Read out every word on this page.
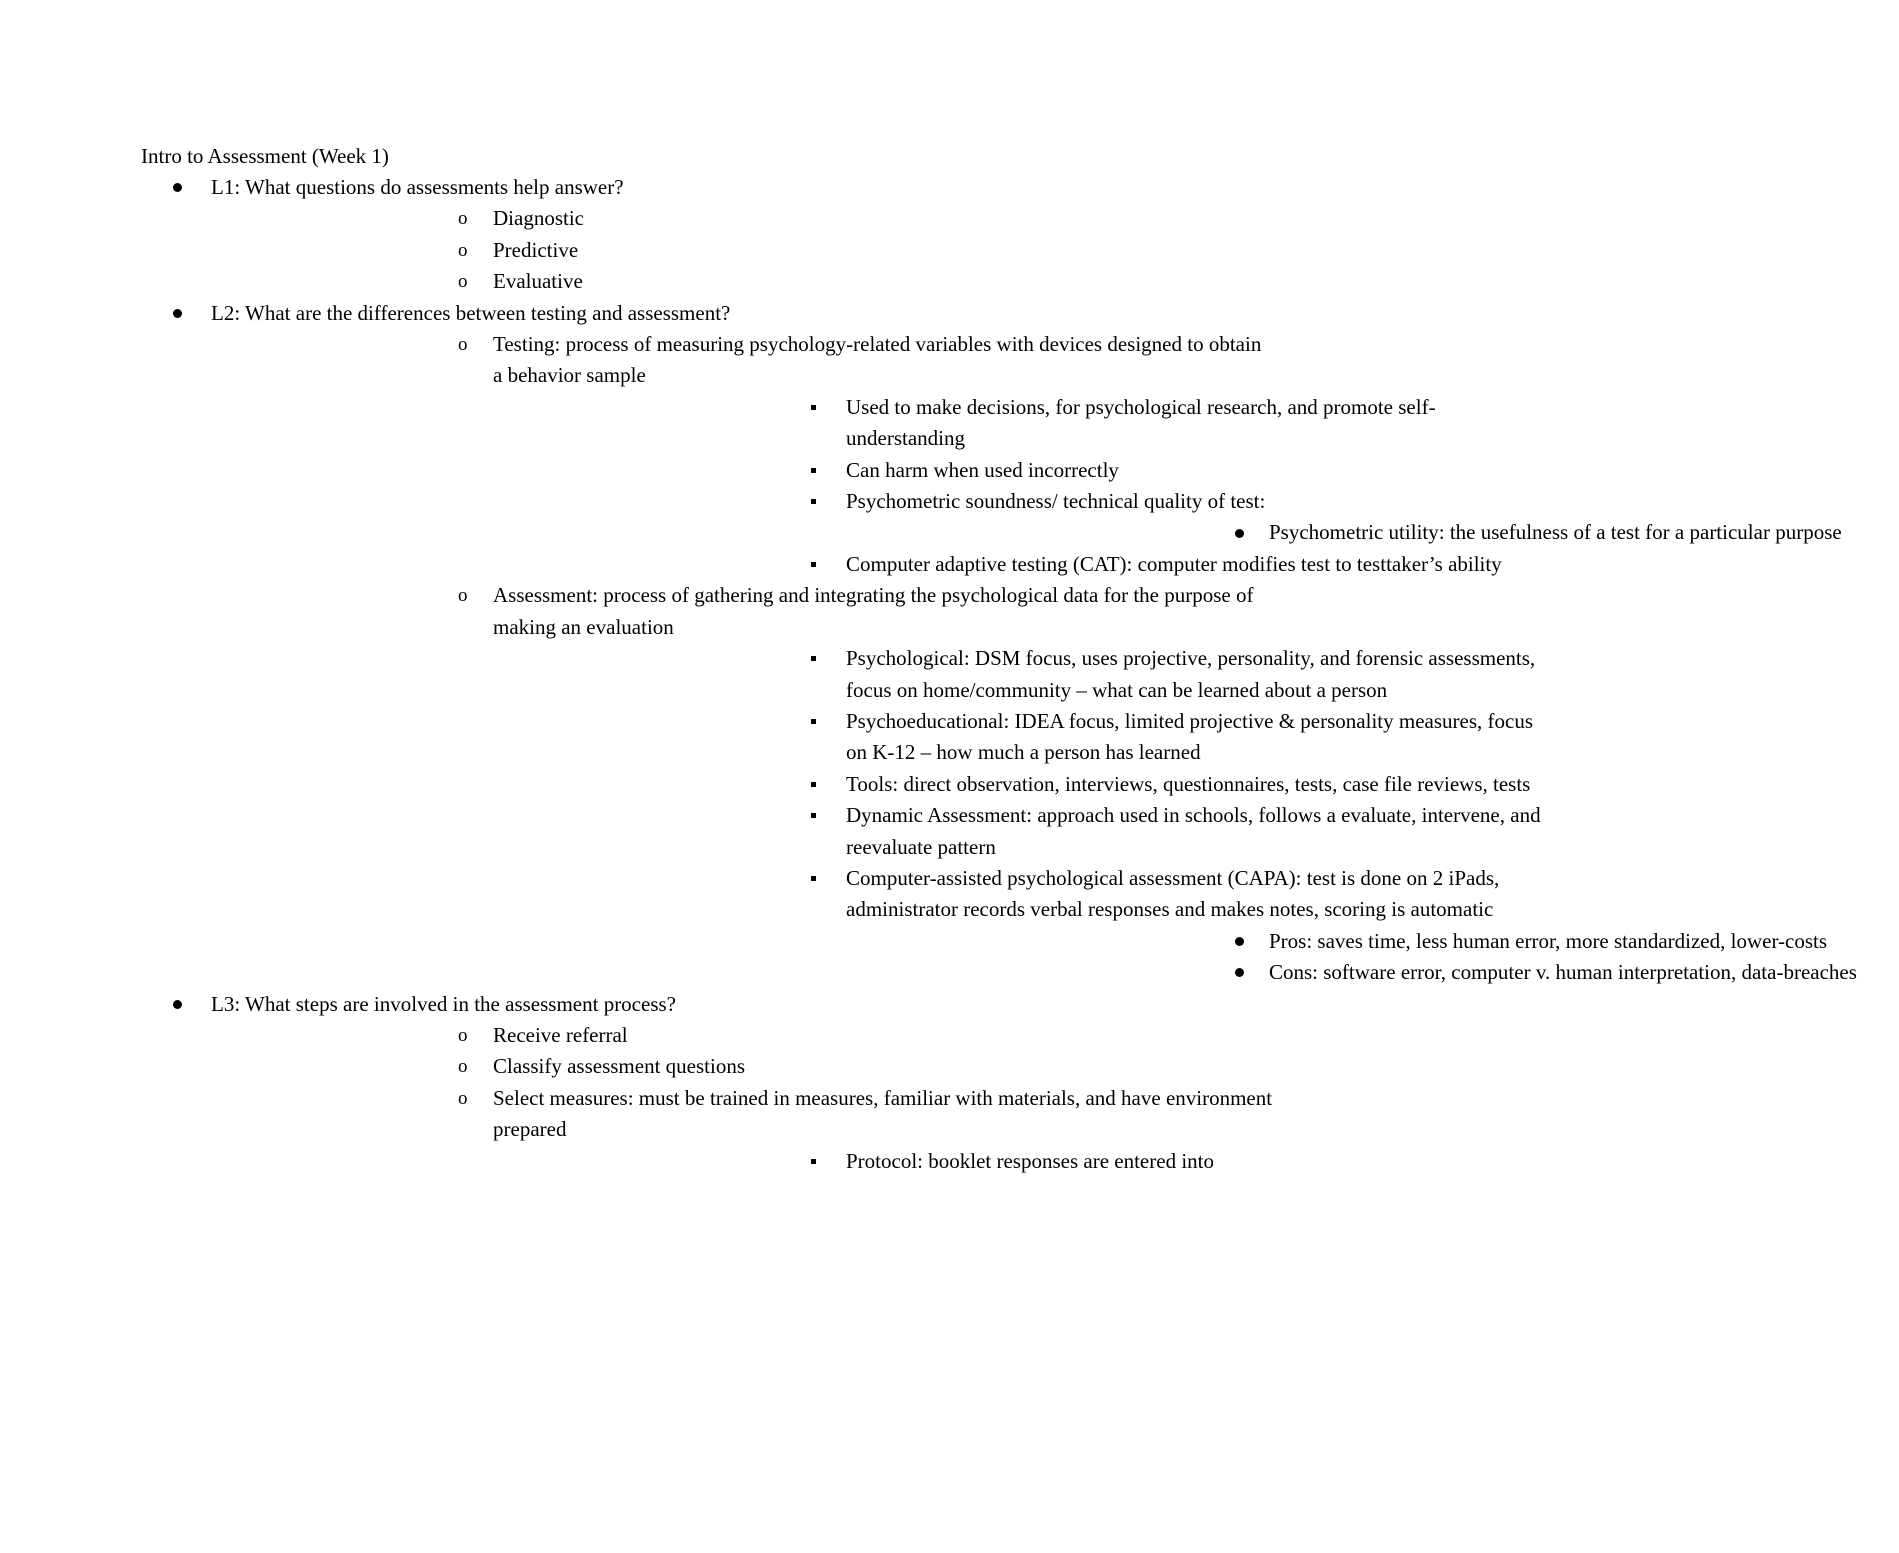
Intro to Assessment (Week 1)
L1: What questions do assessments help answer?
o Diagnostic
o Predictive
o Evaluative
L2: What are the differences between testing and assessment?
o Testing: process of measuring psychology-related variables with devices designed to obtain a behavior sample
Used to make decisions, for psychological research, and promote self-understanding
Can harm when used incorrectly
Psychometric soundness/ technical quality of test:
Psychometric utility: the usefulness of a test for a particular purpose
Computer adaptive testing (CAT): computer modifies test to testtaker’s ability
o Assessment: process of gathering and integrating the psychological data for the purpose of making an evaluation
Psychological: DSM focus, uses projective, personality, and forensic assessments, focus on home/community – what can be learned about a person
Psychoeducational: IDEA focus, limited projective & personality measures, focus on K-12 – how much a person has learned
Tools: direct observation, interviews, questionnaires, tests, case file reviews, tests
Dynamic Assessment: approach used in schools, follows a evaluate, intervene, and reevaluate pattern
Computer-assisted psychological assessment (CAPA): test is done on 2 iPads, administrator records verbal responses and makes notes, scoring is automatic
Pros: saves time, less human error, more standardized, lower-costs
Cons: software error, computer v. human interpretation, data-breaches
L3: What steps are involved in the assessment process?
o Receive referral
o Classify assessment questions
o Select measures: must be trained in measures, familiar with materials, and have environment prepared
Protocol: booklet responses are entered into
